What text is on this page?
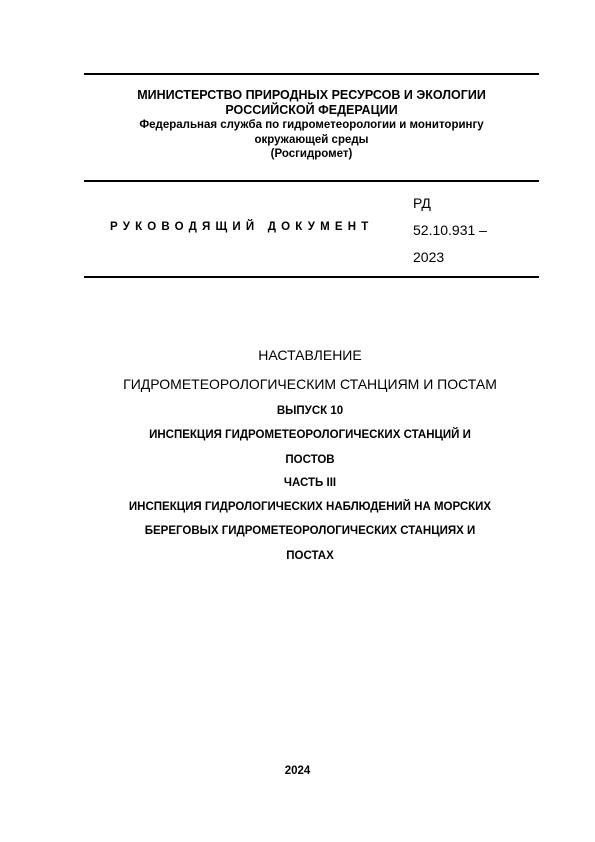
МИНИСТЕРСТВО ПРИРОДНЫХ РЕСУРСОВ И ЭКОЛОГИИ
РОССИЙСКОЙ ФЕДЕРАЦИИ
Федеральная служба по гидрометеорологии и мониторингу
окружающей среды
(Росгидромет)
РУКОВОДЯЩИЙ ДОКУМЕНТ
РД
52.10.931 –
2023
НАСТАВЛЕНИЕ
ГИДРОМЕТЕОРОЛОГИЧЕСКИМ СТАНЦИЯМ И ПОСТАМ
ВЫПУСК 10
ИНСПЕКЦИЯ ГИДРОМЕТЕОРОЛОГИЧЕСКИХ СТАНЦИЙ И
ПОСТОВ
ЧАСТЬ III
ИНСПЕКЦИЯ ГИДРОЛОГИЧЕСКИХ НАБЛЮДЕНИЙ НА МОРСКИХ
БЕРЕГОВЫХ ГИДРОМЕТЕОРОЛОГИЧЕСКИХ СТАНЦИЯХ И
ПОСТАХ
2024
